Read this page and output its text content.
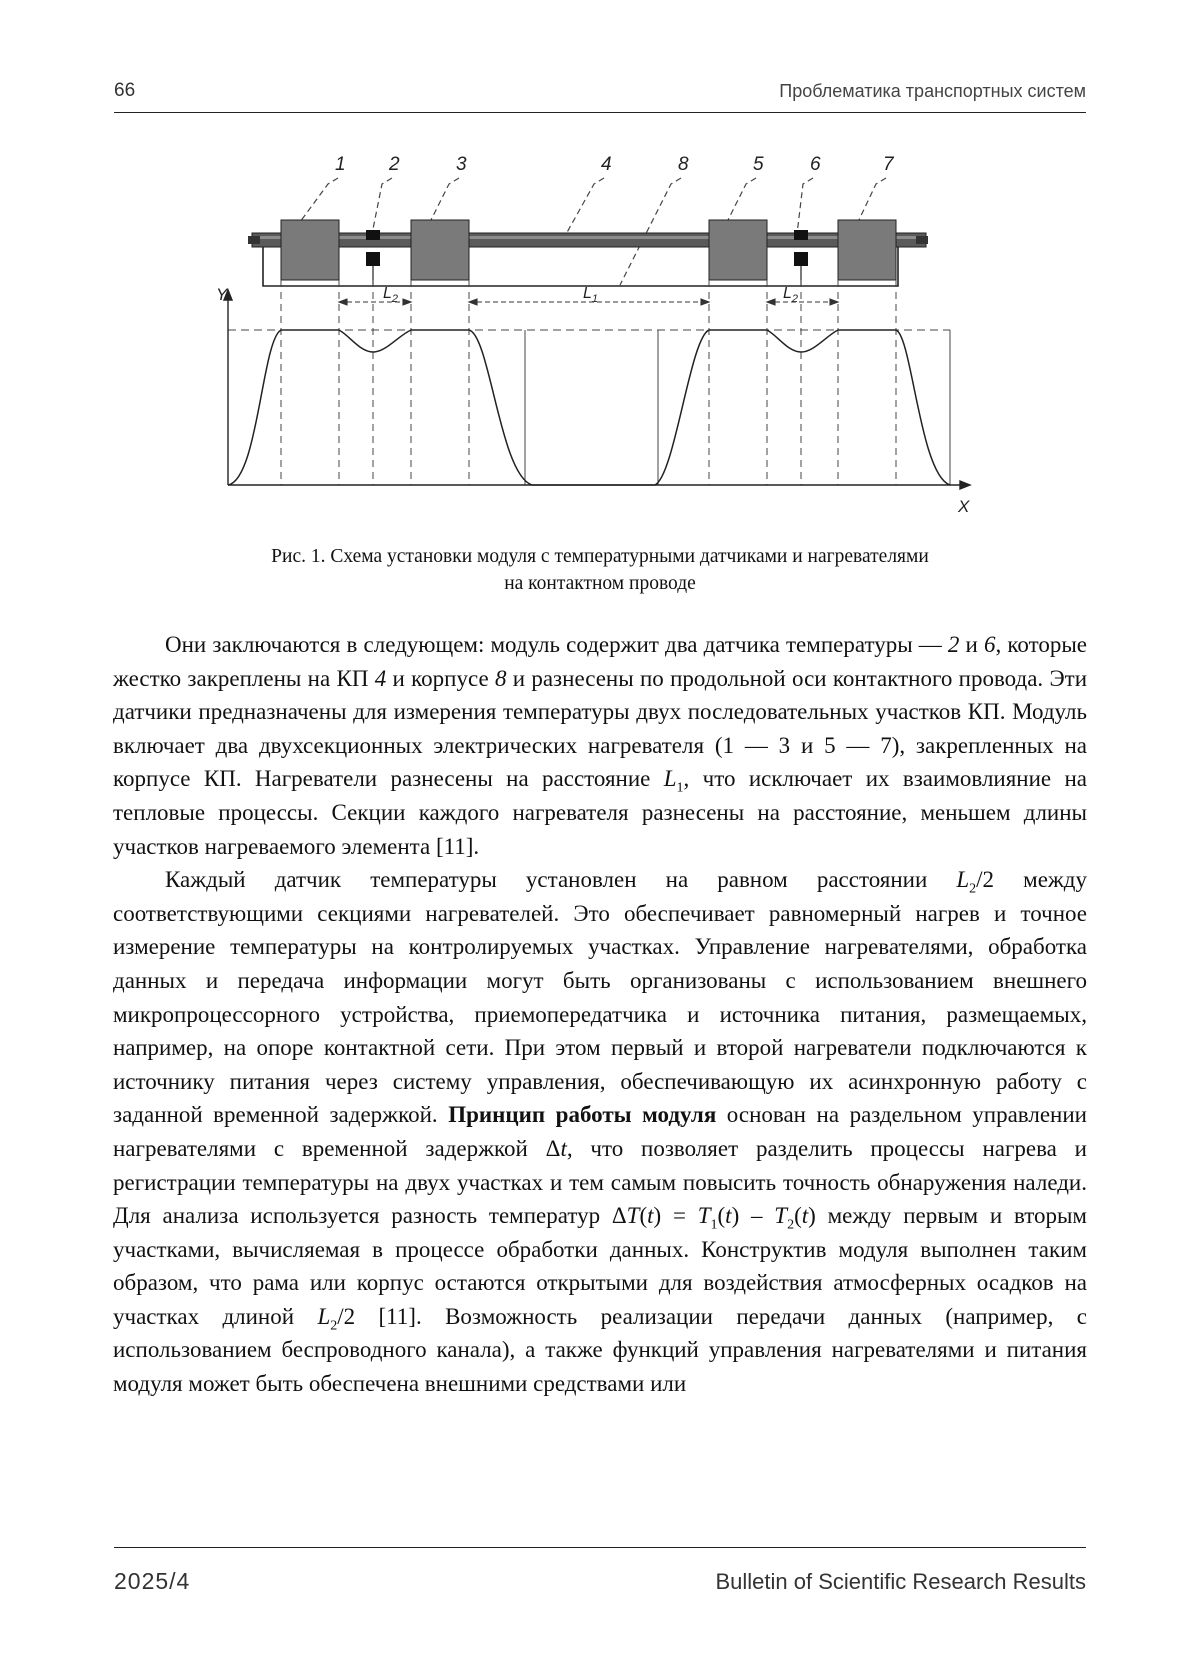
66	Проблематика транспортных систем
1 2	3	4	8	5 6	7
$L_2$	$L_1$	$L_2$
Y
X
Рис. 1. Схема установки модуля с температурными датчиками и нагревателями
на контактном проводе

Они заключаются в следующем: модуль содержит два датчика температуры — 2 и 6, которые жестко закреплены на КП 4 и корпусе 8 и разнесены по продольной оси контактного провода. Эти датчики предназначены для измерения температуры двух последовательных участков КП. Модуль включает два двухсекционных электрических нагревателя (1 — 3 и 5 — 7), закрепленных на корпусе КП. Нагреватели разнесены на расстояние $L_1$, что исключает их взаимовлияние на тепловые процессы. Секции каждого нагревателя разнесены на расстояние, меньшем длины участков нагреваемого элемента [11].

Каждый датчик температуры установлен на равном расстоянии $L_2/2$ между соответствующими секциями нагревателей. Это обеспечивает равномерный нагрев и точное измерение температуры на контролируемых участках. Управление нагревателями, обработка данных и передача информации могут быть организованы с использованием внешнего микропроцессорного устройства, приемопередатчика и источника питания, размещаемых, например, на опоре контактной сети. При этом первый и второй нагреватели подключаются к источнику питания через систему управления, обеспечивающую их асинхронную работу с заданной временной задержкой. Принцип работы модуля основан на раздельном управлении нагревателями с временной задержкой Δt, что позволяет разделить процессы нагрева и регистрации температуры на двух участках и тем самым повысить точность обнаружения наледи. Для анализа используется разность температур $\Delta T(t) = T_1(t) - T_2(t)$ между первым и вторым участками, вычисляемая в процессе обработки данных. Конструктив модуля выполнен таким образом, что рама или корпус остаются открытыми для воздействия атмосферных осадков на участках длиной $L_2/2$ [11]. Возможность реализации передачи данных (например, с использованием беспроводного канала), а также функций управления нагревателями и питания модуля может быть обеспечена внешними средствами или

2025/4	Bulletin of Scientific Research Results
